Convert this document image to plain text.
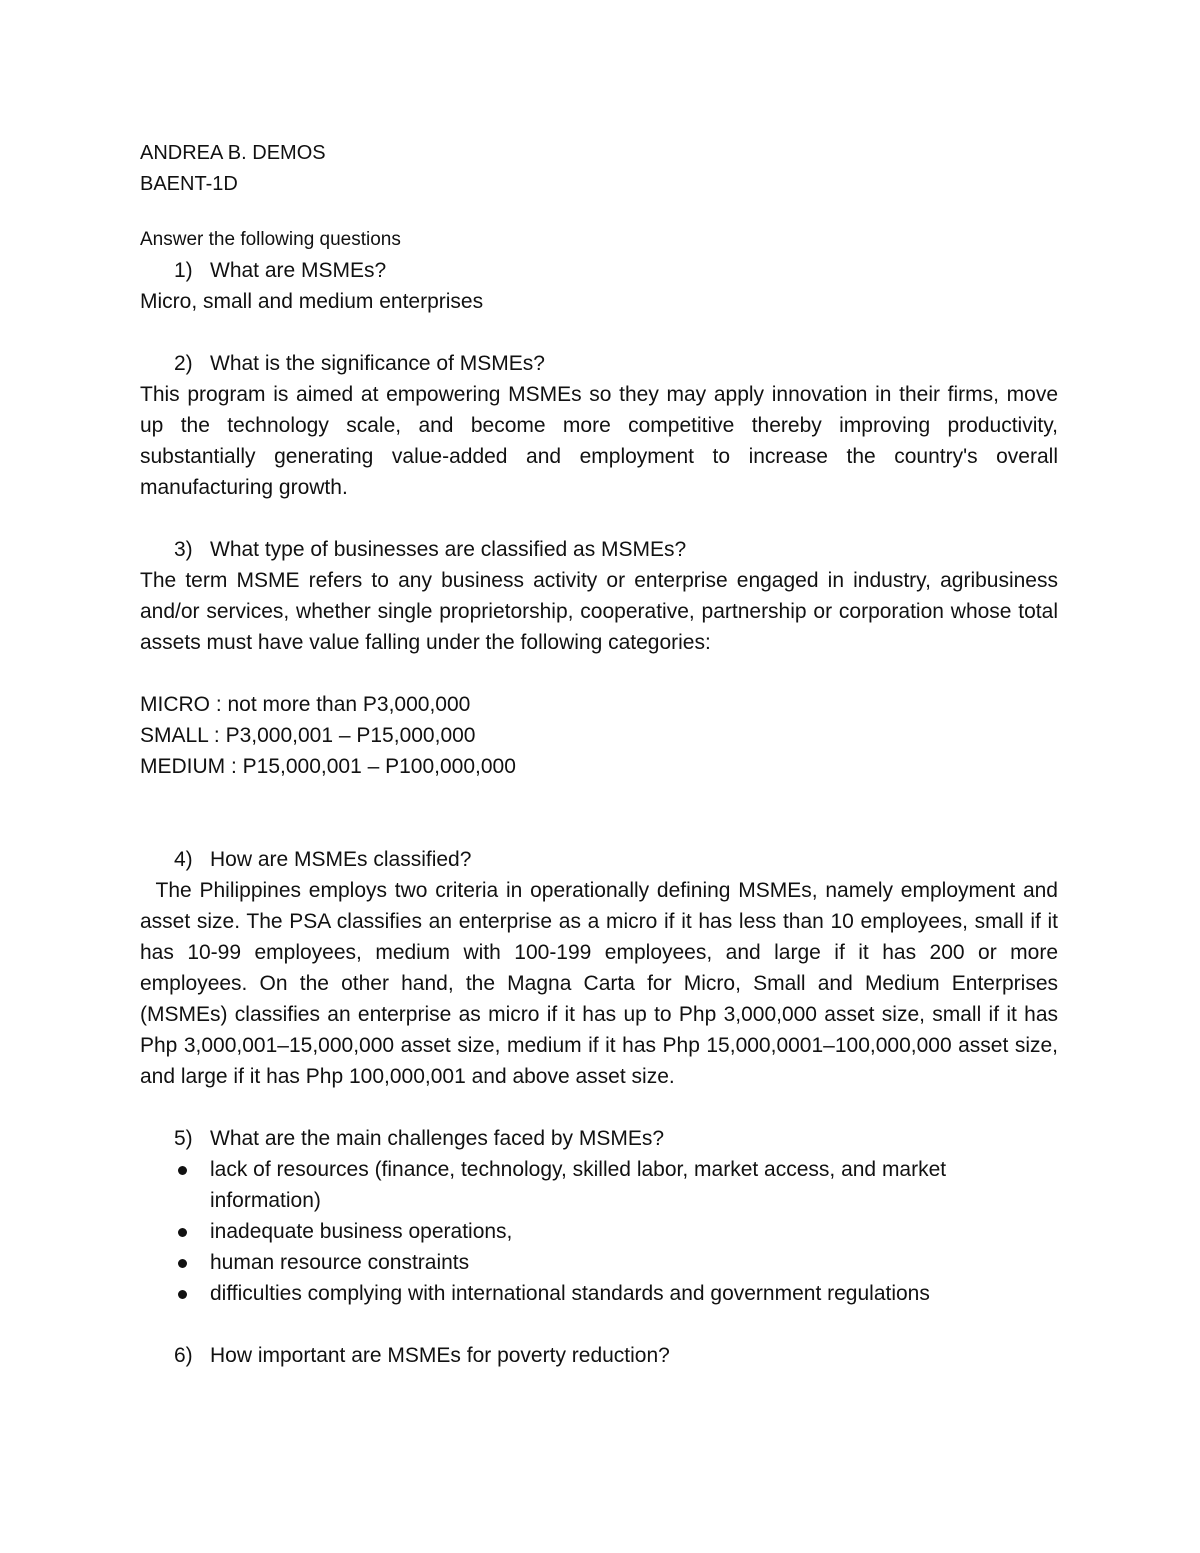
ANDREA B. DEMOS

BAENT-1D

Answer the following questions

1) What are MSMEs?

Micro, small and medium enterprises

2) What is the significance of MSMEs?

This program is aimed at empowering MSMEs so they may apply innovation in their firms, move up the technology scale, and become more competitive thereby improving productivity, substantially generating value-added and employment to increase the country's overall manufacturing growth.

3) What type of businesses are classified as MSMEs?

The term MSME refers to any business activity or enterprise engaged in industry, agribusiness and/or services, whether single proprietorship, cooperative, partnership or corporation whose total assets must have value falling under the following categories:

MICRO : not more than P3,000,000

SMALL : P3,000,001 – P15,000,000

MEDIUM : P15,000,001 – P100,000,000

4) How are MSMEs classified?

The Philippines employs two criteria in operationally defining MSMEs, namely employment and asset size. The PSA classifies an enterprise as a micro if it has less than 10 employees, small if it has 10-99 employees, medium with 100-199 employees, and large if it has 200 or more employees. On the other hand, the Magna Carta for Micro, Small and Medium Enterprises (MSMEs) classifies an enterprise as micro if it has up to Php 3,000,000 asset size, small if it has Php 3,000,001–15,000,000 asset size, medium if it has Php 15,000,0001–100,000,000 asset size, and large if it has Php 100,000,001 and above asset size.

5) What are the main challenges faced by MSMEs?

lack of resources (finance, technology, skilled labor, market access, and market information)
inadequate business operations,
human resource constraints
difficulties complying with international standards and government regulations

6) How important are MSMEs for poverty reduction?
